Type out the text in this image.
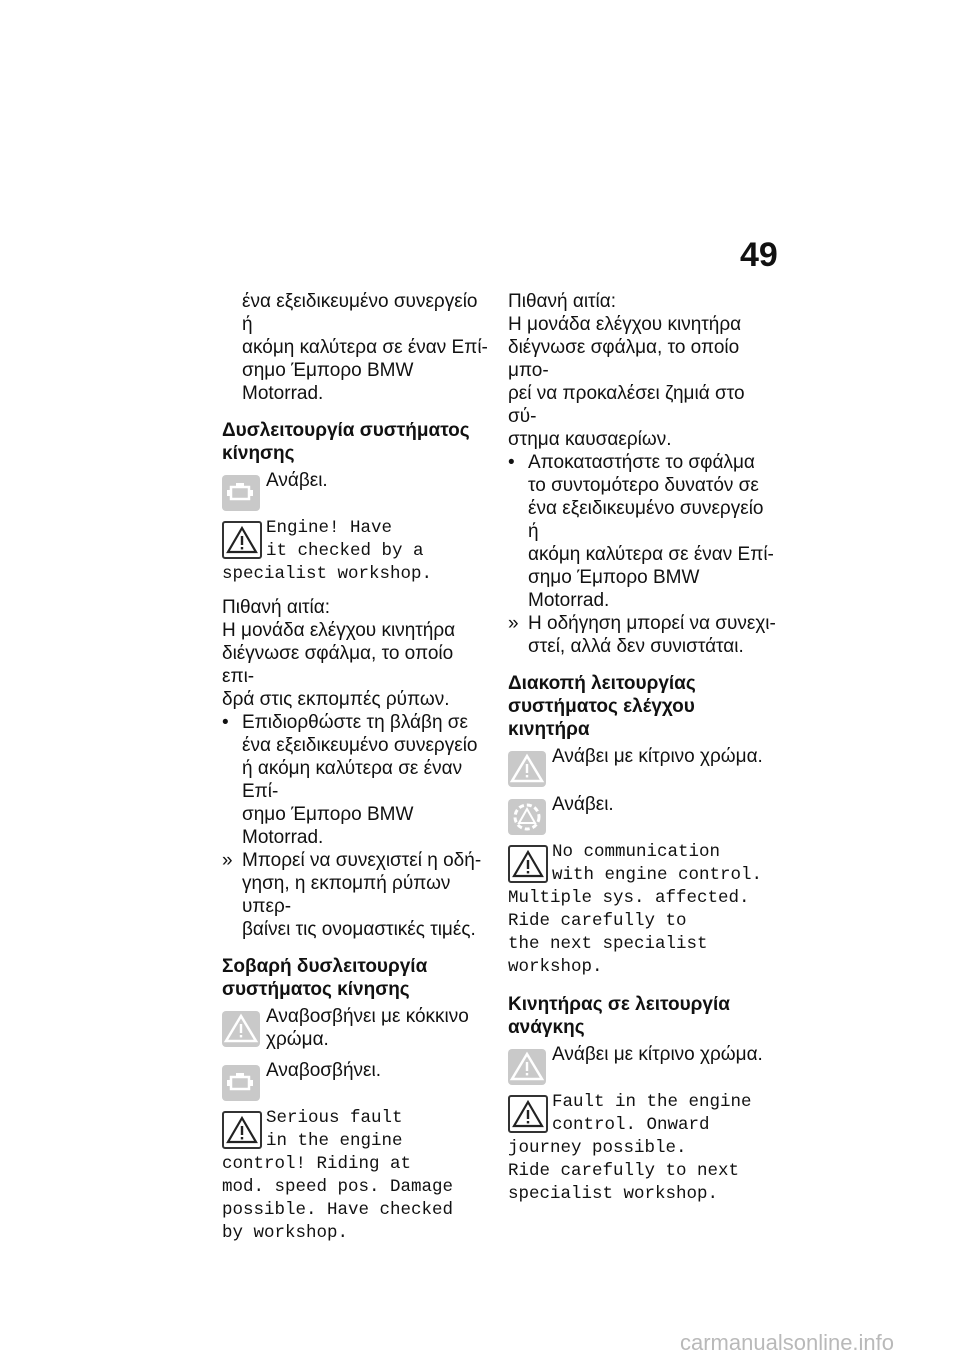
49

ένα εξειδικευμένο συνεργείο ή
ακόμη καλύτερα σε έναν Επί-
σημο Έμπορο BMW Motorrad.

Δυσλειτουργία συστήματος
κίνησης
Ανάβει.
Engine! Have
it checked by a
specialist workshop.

Πιθανή αιτία:
Η μονάδα ελέγχου κινητήρα
διέγνωσε σφάλμα, το οποίο επι-
δρά στις εκπομπές ρύπων.

• Επιδιορθώστε τη βλάβη σε
ένα εξειδικευμένο συνεργείο
ή ακόμη καλύτερα σε έναν Επί-
σημο Έμπορο BMW Motorrad.

» Μπορεί να συνεχιστεί η οδή-
γηση, η εκπομπή ρύπων υπερ-
βαίνει τις ονομαστικές τιμές.

Σοβαρή δυσλειτουργία
συστήματος κίνησης
Αναβοσβήνει με κόκκινο
χρώμα.
Αναβοσβήνει.
Serious fault
in the engine
control! Riding at
mod. speed pos. Damage
possible. Have checked
by workshop.

Πιθανή αιτία:
Η μονάδα ελέγχου κινητήρα
διέγνωσε σφάλμα, το οποίο μπο-
ρεί να προκαλέσει ζημιά στο σύ-
στημα καυσαερίων.

• Αποκαταστήστε το σφάλμα
το συντομότερο δυνατόν σε
ένα εξειδικευμένο συνεργείο ή
ακόμη καλύτερα σε έναν Επί-
σημο Έμπορο BMW Motorrad.

» Η οδήγηση μπορεί να συνεχι-
στεί, αλλά δεν συνιστάται.

Διακοπή λειτουργίας
συστήματος ελέγχου
κινητήρα
Ανάβει με κίτρινο χρώμα.
Ανάβει.
No communication
with engine control.
Multiple sys. affected.
Ride carefully to
the next specialist
workshop.
Κινητήρας σε λειτουργία
ανάγκης
Ανάβει με κίτρινο χρώμα.
Fault in the engine
control. Onward
journey possible.
Ride carefully to next
specialist workshop.
carmanualsonline.info
